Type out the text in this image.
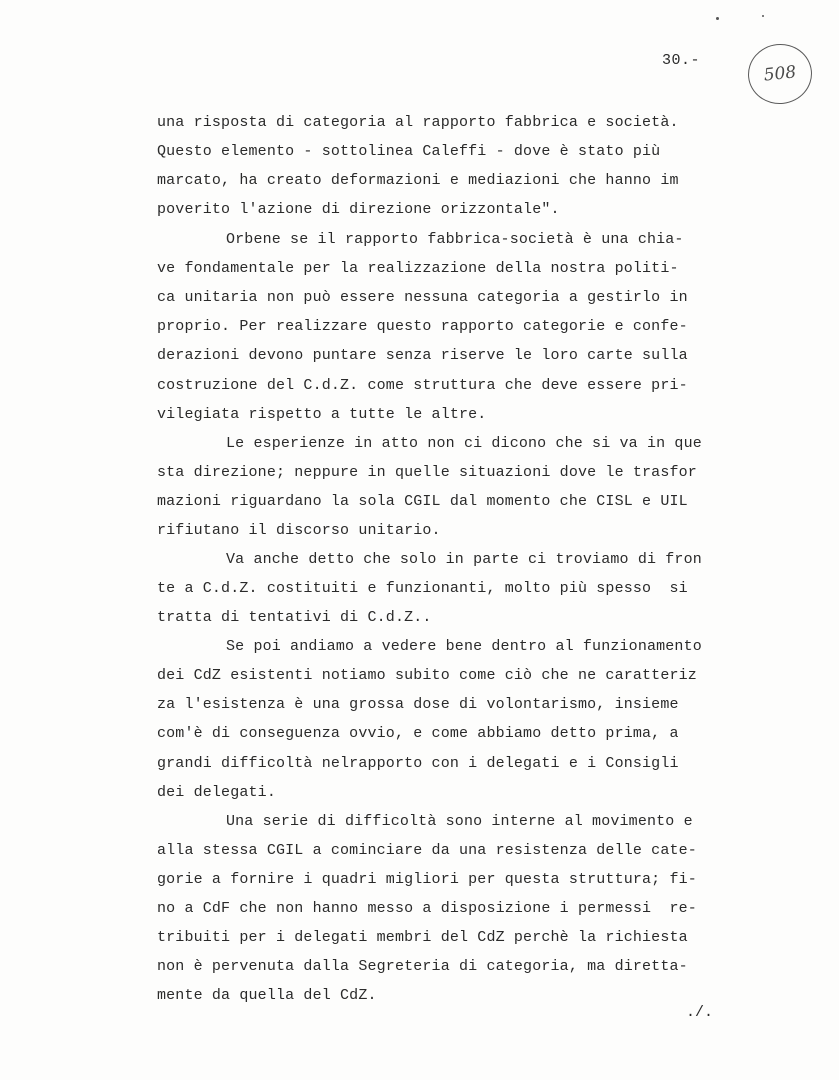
30.-
508
una risposta di categoria al rapporto fabbrica e società.
Questo elemento - sottolinea Caleffi - dove è stato più
marcato, ha creato deformazioni e mediazioni che hanno im
poverito l'azione di direzione orizzontale".
Orbene se il rapporto fabbrica-società è una chia-
ve fondamentale per la realizzazione della nostra politi-
ca unitaria non può essere nessuna categoria a gestirlo in
proprio. Per realizzare questo rapporto categorie e confe-
derazioni devono puntare senza riserve le loro carte sulla
costruzione del C.d.Z. come struttura che deve essere pri-
vilegiata rispetto a tutte le altre.
Le esperienze in atto non ci dicono che si va in que
sta direzione; neppure in quelle situazioni dove le trasfor
mazioni riguardano la sola CGIL dal momento che CISL e UIL
rifiutano il discorso unitario.
Va anche detto che solo in parte ci troviamo di fron
te a C.d.Z. costituiti e funzionanti, molto più spesso  si
tratta di tentativi di C.d.Z..
Se poi andiamo a vedere bene dentro al funzionamento
dei CdZ esistenti notiamo subito come ciò che ne caratteriz
za l'esistenza è una grossa dose di volontarismo, insieme
com'è di conseguenza ovvio, e come abbiamo detto prima, a
grandi difficoltà nelrapporto con i delegati e i Consigli
dei delegati.
Una serie di difficoltà sono interne al movimento e
alla stessa CGIL a cominciare da una resistenza delle cate-
gorie a fornire i quadri migliori per questa struttura; fi-
no a CdF che non hanno messo a disposizione i permessi  re-
tribuiti per i delegati membri del CdZ perchè la richiesta
non è pervenuta dalla Segreteria di categoria, ma diretta-
mente da quella del CdZ.
./.
